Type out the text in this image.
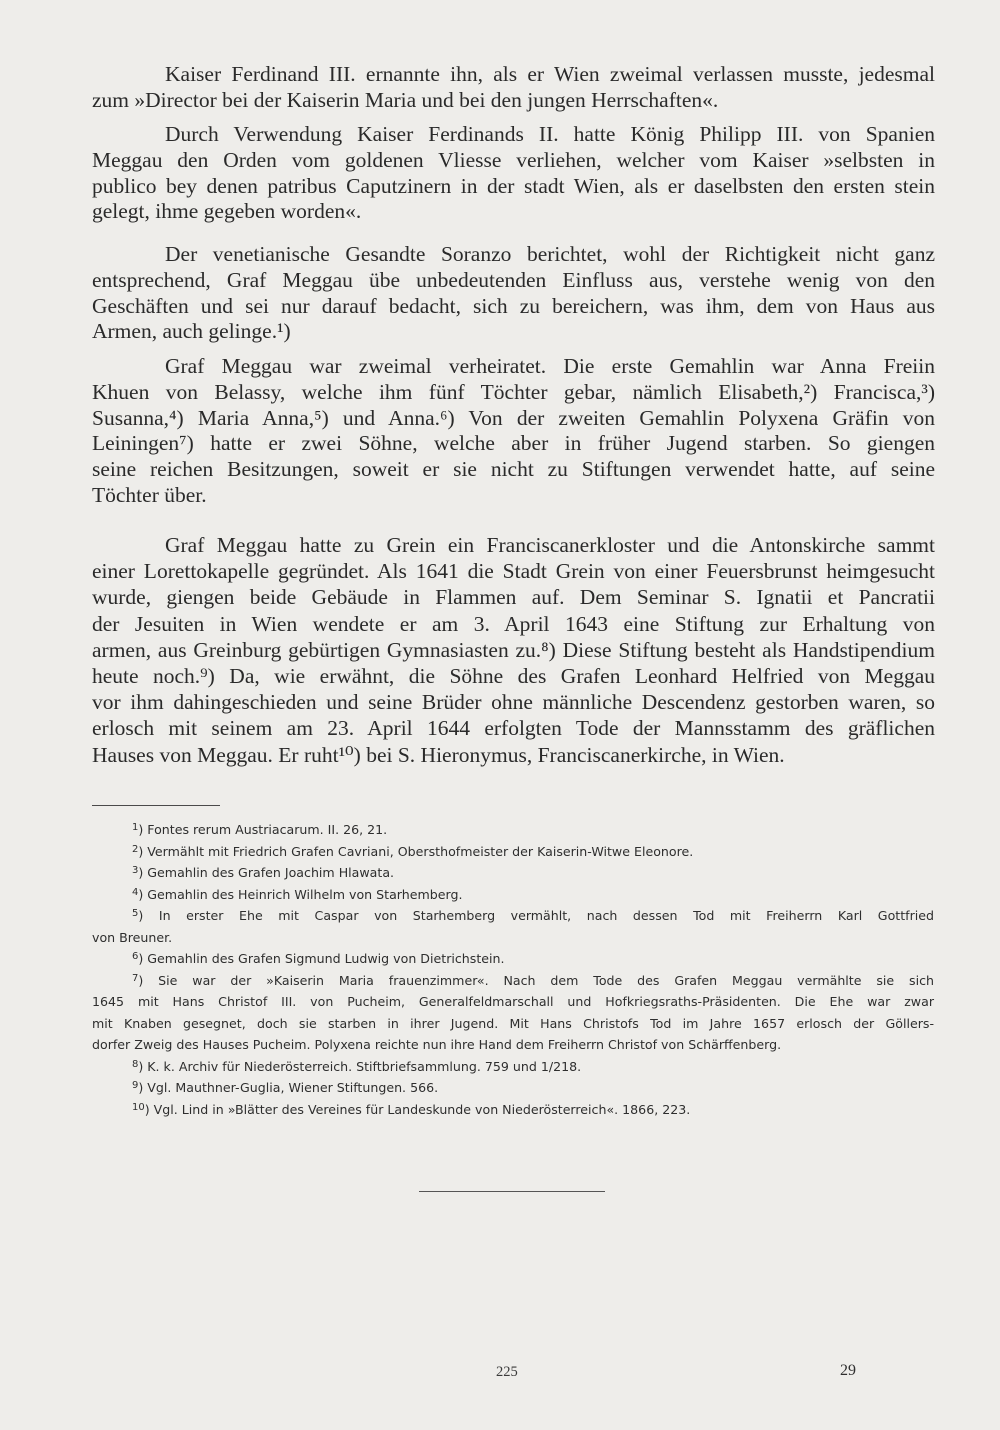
Kaiser Ferdinand III. ernannte ihn, als er Wien zweimal verlassen musste, jedesmal
zum »Director bei der Kaiserin Maria und bei den jungen Herrschaften«.
Durch Verwendung Kaiser Ferdinands II. hatte König Philipp III. von Spanien
Meggau den Orden vom goldenen Vliesse verliehen, welcher vom Kaiser »selbsten in
publico bey denen patribus Caputzinern in der stadt Wien, als er daselbsten den ersten stein
gelegt, ihme gegeben worden«.
Der venetianische Gesandte Soranzo berichtet, wohl der Richtigkeit nicht ganz
entsprechend, Graf Meggau übe unbedeutenden Einfluss aus, verstehe wenig von den
Geschäften und sei nur darauf bedacht, sich zu bereichern, was ihm, dem von Haus aus
Armen, auch gelinge.¹)
Graf Meggau war zweimal verheiratet. Die erste Gemahlin war Anna Freiin
Khuen von Belassy, welche ihm fünf Töchter gebar, nämlich Elisabeth,²) Francisca,³)
Susanna,⁴) Maria Anna,⁵) und Anna.⁶) Von der zweiten Gemahlin Polyxena Gräfin von
Leiningen⁷) hatte er zwei Söhne, welche aber in früher Jugend starben. So giengen
seine reichen Besitzungen, soweit er sie nicht zu Stiftungen verwendet hatte, auf seine
Töchter über.
Graf Meggau hatte zu Grein ein Franciscanerkloster und die Antonskirche sammt
einer Lorettokapelle gegründet. Als 1641 die Stadt Grein von einer Feuersbrunst heimgesucht
wurde, giengen beide Gebäude in Flammen auf. Dem Seminar S. Ignatii et Pancratii
der Jesuiten in Wien wendete er am 3. April 1643 eine Stiftung zur Erhaltung von
armen, aus Greinburg gebürtigen Gymnasiasten zu.⁸) Diese Stiftung besteht als Handstipendium
heute noch.⁹) Da, wie erwähnt, die Söhne des Grafen Leonhard Helfried von Meggau
vor ihm dahingeschieden und seine Brüder ohne männliche Descendenz gestorben waren, so
erlosch mit seinem am 23. April 1644 erfolgten Tode der Mannsstamm des gräflichen
Hauses von Meggau. Er ruht¹⁰) bei S. Hieronymus, Franciscanerkirche, in Wien.
$^1$) Fontes rerum Austriacarum. II. 26, 21.
$^2$) Vermählt mit Friedrich Grafen Cavriani, Obersthofmeister der Kaiserin-Witwe Eleonore.
$^3$) Gemahlin des Grafen Joachim Hlawata.
$^4$) Gemahlin des Heinrich Wilhelm von Starhemberg.
$^5$) In erster Ehe mit Caspar von Starhemberg vermählt, nach dessen Tod mit Freiherrn Karl Gottfried
von Breuner.
$^6$) Gemahlin des Grafen Sigmund Ludwig von Dietrichstein.
$^7$) Sie war der »Kaiserin Maria frauenzimmer«. Nach dem Tode des Grafen Meggau vermählte sie sich
1645 mit Hans Christof III. von Pucheim, Generalfeldmarschall und Hofkriegsraths-Präsidenten. Die Ehe war zwar
mit Knaben gesegnet, doch sie starben in ihrer Jugend. Mit Hans Christofs Tod im Jahre 1657 erlosch der Göllers-
dorfer Zweig des Hauses Pucheim. Polyxena reichte nun ihre Hand dem Freiherrn Christof von Schärffenberg.
$^8$) K. k. Archiv für Niederösterreich. Stiftbriefsammlung. 759 und 1/218.
$^9$) Vgl. Mauthner-Guglia, Wiener Stiftungen. 566.
$^{10}$) Vgl. Lind in »Blätter des Vereines für Landeskunde von Niederösterreich«. 1866, 223.
225	29
